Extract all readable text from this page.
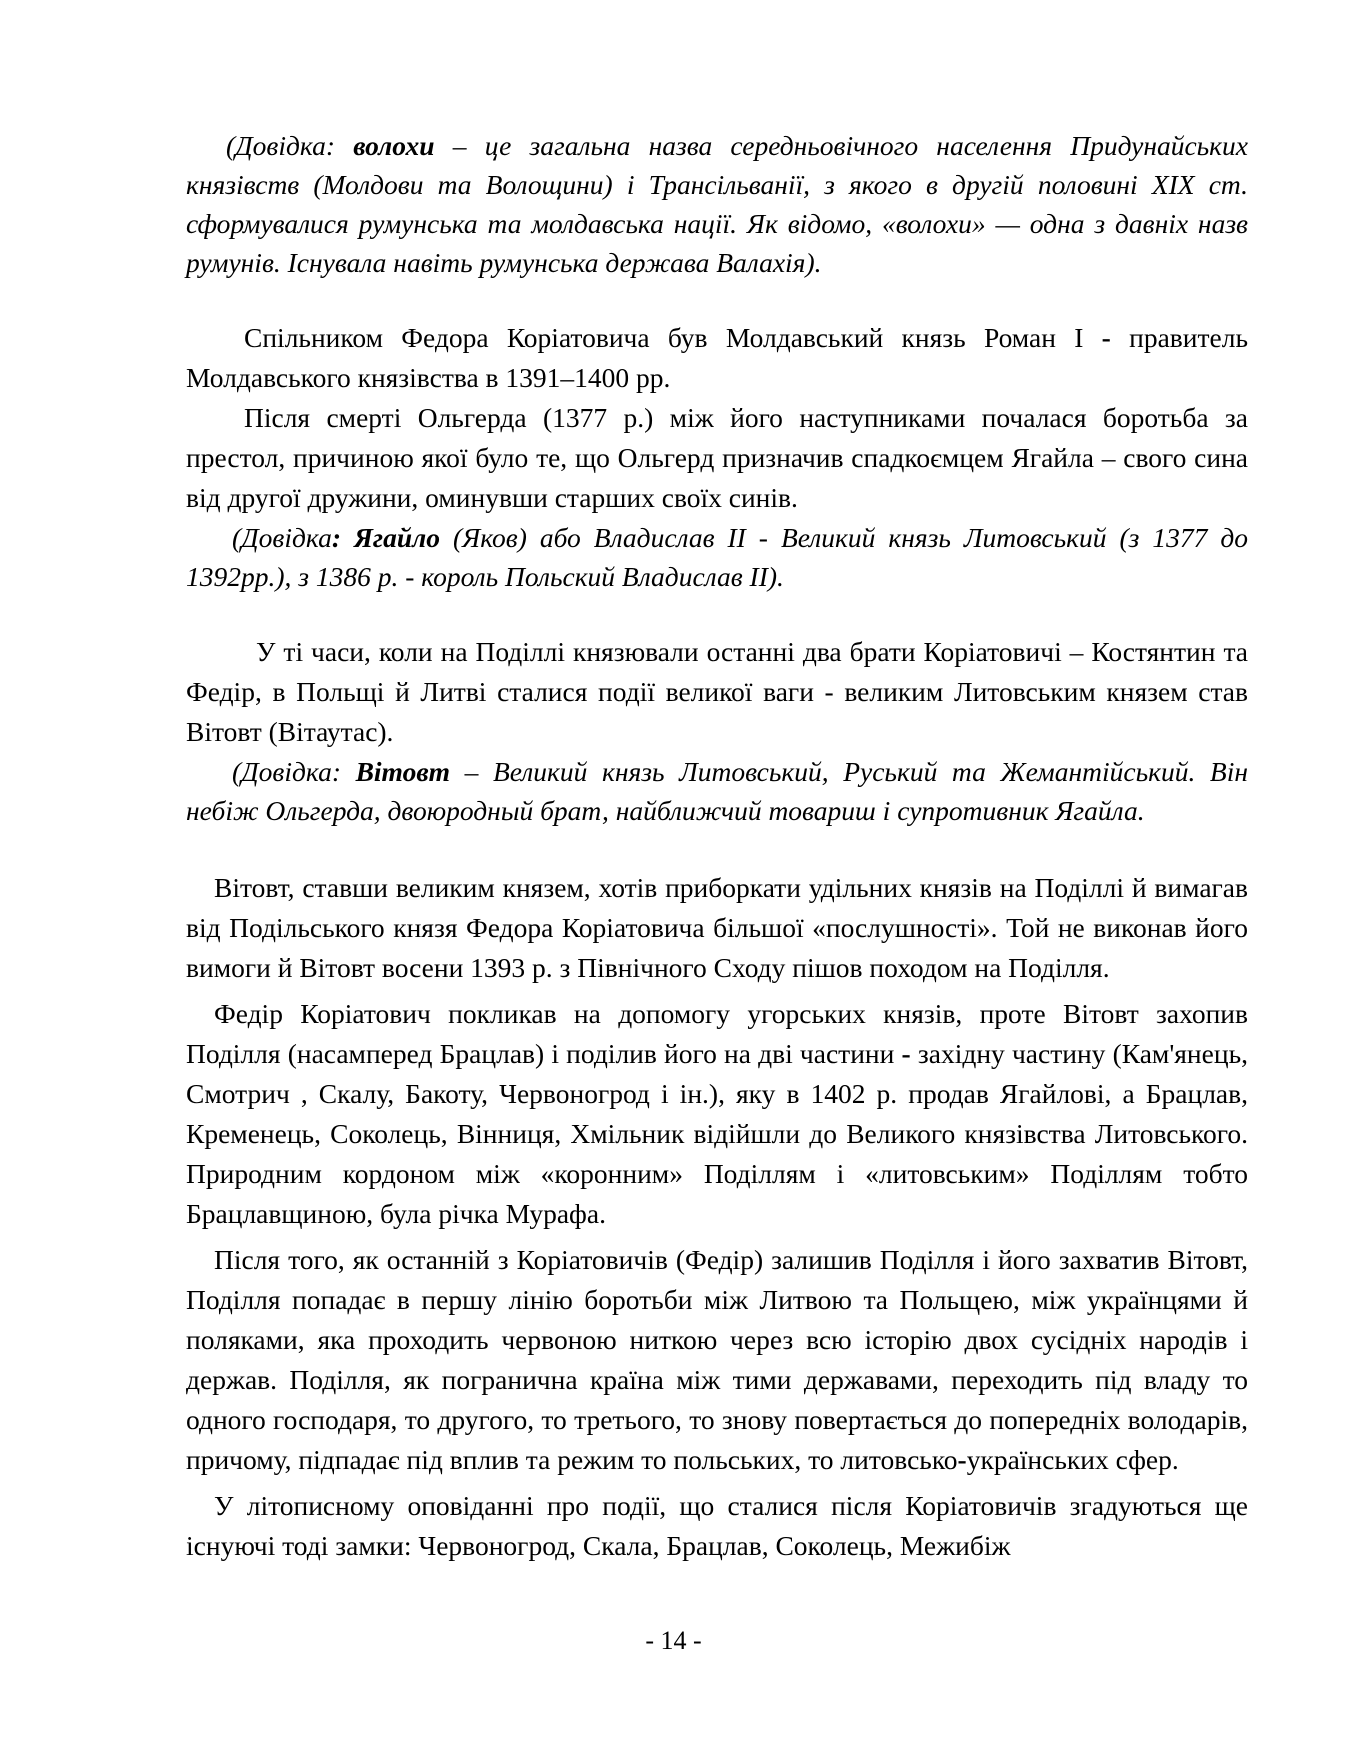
(Довідка: волохи – це загальна назва середньовічного населення Придунайських князівств (Молдови та Волощини) і Трансільванії, з якого в другій половині XIX ст. сформувалися румунська та молдавська нації. Як відомо, «волохи» — одна з давніх назв румунів. Існувала навіть румунська держава Валахія).

Спільником Федора Коріатовича був Молдавський князь Роман І - правитель Молдавського князівства в 1391–1400 рр.

Після смерті Ольгерда (1377 р.) між його наступниками почалася боротьба за престол, причиною якої було те, що Ольгерд призначив спадкоємцем Ягайла – свого сина від другої дружини, оминувши старших своїх синів.

(Довідка: Ягайло (Яков) або Владислав II - Великий князь Литовський (з 1377 до 1392рр.), з 1386 р. - король Польский Владислав II).

У ті часи, коли на Поділлі князювали останні два брати Коріатовичі – Костянтин та Федір, в Польщі й Литві сталися події великої ваги - великим Литовським князем став Вітовт (Вітаутас).

(Довідка: Вітовт – Великий князь Литовський, Руський та Жемантійський. Він небіж Ольгерда, двоюродный брат, найближчий товариш і супротивник Ягайла.

Вітовт, ставши великим князем, хотів приборкати удільних князів на Поділлі й вимагав від Подільського князя Федора Коріатовича більшої «послушності». Той не виконав його вимоги й Вітовт восени 1393 р. з Північного Сходу пішов походом на Поділля.

Федір Коріатович покликав на допомогу угорських князів, проте Вітовт захопив Поділля (насамперед Брацлав) і поділив його на дві частини - західну частину (Кам'янець, Смотрич , Скалу, Бакоту, Червоногрод і ін.), яку в 1402 р. продав Ягайлові, а Брацлав, Кременець, Соколець, Вінниця, Хмільник відійшли до Великого князівства Литовського. Природним кордоном між «коронним» Поділлям і «литовським» Поділлям тобто Брацлавщиною, була річка Мурафа.

Після того, як останній з Коріатовичів (Федір) залишив Поділля і його захватив Вітовт, Поділля попадає в першу лінію боротьби між Литвою та Польщею, між українцями й поляками, яка проходить червоною ниткою через всю історію двох сусідніх народів і держав. Поділля, як погранична країна між тими державами, переходить під владу то одного господаря, то другого, то третього, то знову повертається до попередніх володарів, причому, підпадає під вплив та режим то польських, то литовсько-українських сфер.

У літописному оповіданні про події, що сталися після Коріатовичів згадуються ще існуючі тоді замки: Червоногрод, Скала, Брацлав, Соколець, Межибіж

- 14 -
